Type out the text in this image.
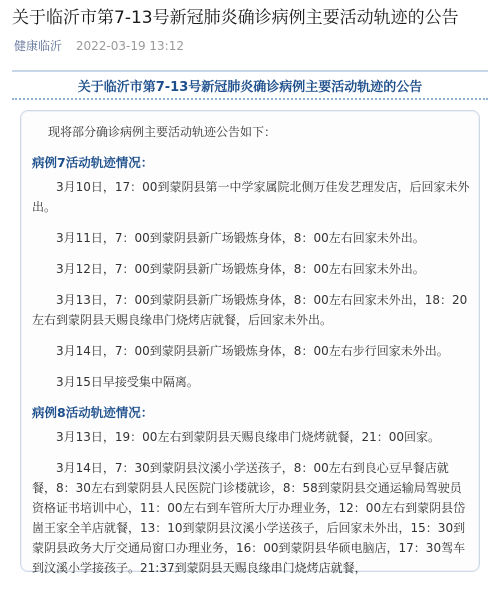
关于临沂市第7-13号新冠肺炎确诊病例主要活动轨迹的公告
健康临沂 2022-03-19 13:12
关于临沂市第7-13号新冠肺炎确诊病例主要活动轨迹的公告

现将部分确诊病例主要活动轨迹公告如下：

病例7活动轨迹情况：

3月10日，17：00到蒙阴县第一中学家属院北侧万佳发艺理发店，后回家未外出。

3月11日，7：00到蒙阴县新广场锻炼身体，8：00左右回家未外出。

3月12日，7：00到蒙阴县新广场锻炼身体，8：00左右回家未外出。

3月13日，7：00到蒙阴县新广场锻炼身体，8：00左右回家未外出，18：20左右到蒙阴县天赐良缘串门烧烤店就餐，后回家未外出。

3月14日，7：00到蒙阴县新广场锻炼身体，8：00左右步行回家未外出。

3月15日早接受集中隔离。

病例8活动轨迹情况：

3月13日，19：00左右到蒙阴县天赐良缘串门烧烤就餐，21：00回家。

3月14日，7：30到蒙阴县汶溪小学送孩子，8：00左右到良心豆早餐店就餐，8：30左右到蒙阴县人民医院门诊楼就诊，8：58到蒙阴县交通运输局驾驶员资格证书培训中心，11：00左右到车管所大厅办理业务，12：00左右到蒙阴县岱崮王家全羊店就餐，13：10到蒙阴县汶溪小学送孩子，后回家未外出，15：30到蒙阴县政务大厅交通局窗口办理业务，16：00到蒙阴县华硕电脑店，17：30驾车到汶溪小学接孩子。21:37到蒙阴县天赐良缘串门烧烤店就餐，
